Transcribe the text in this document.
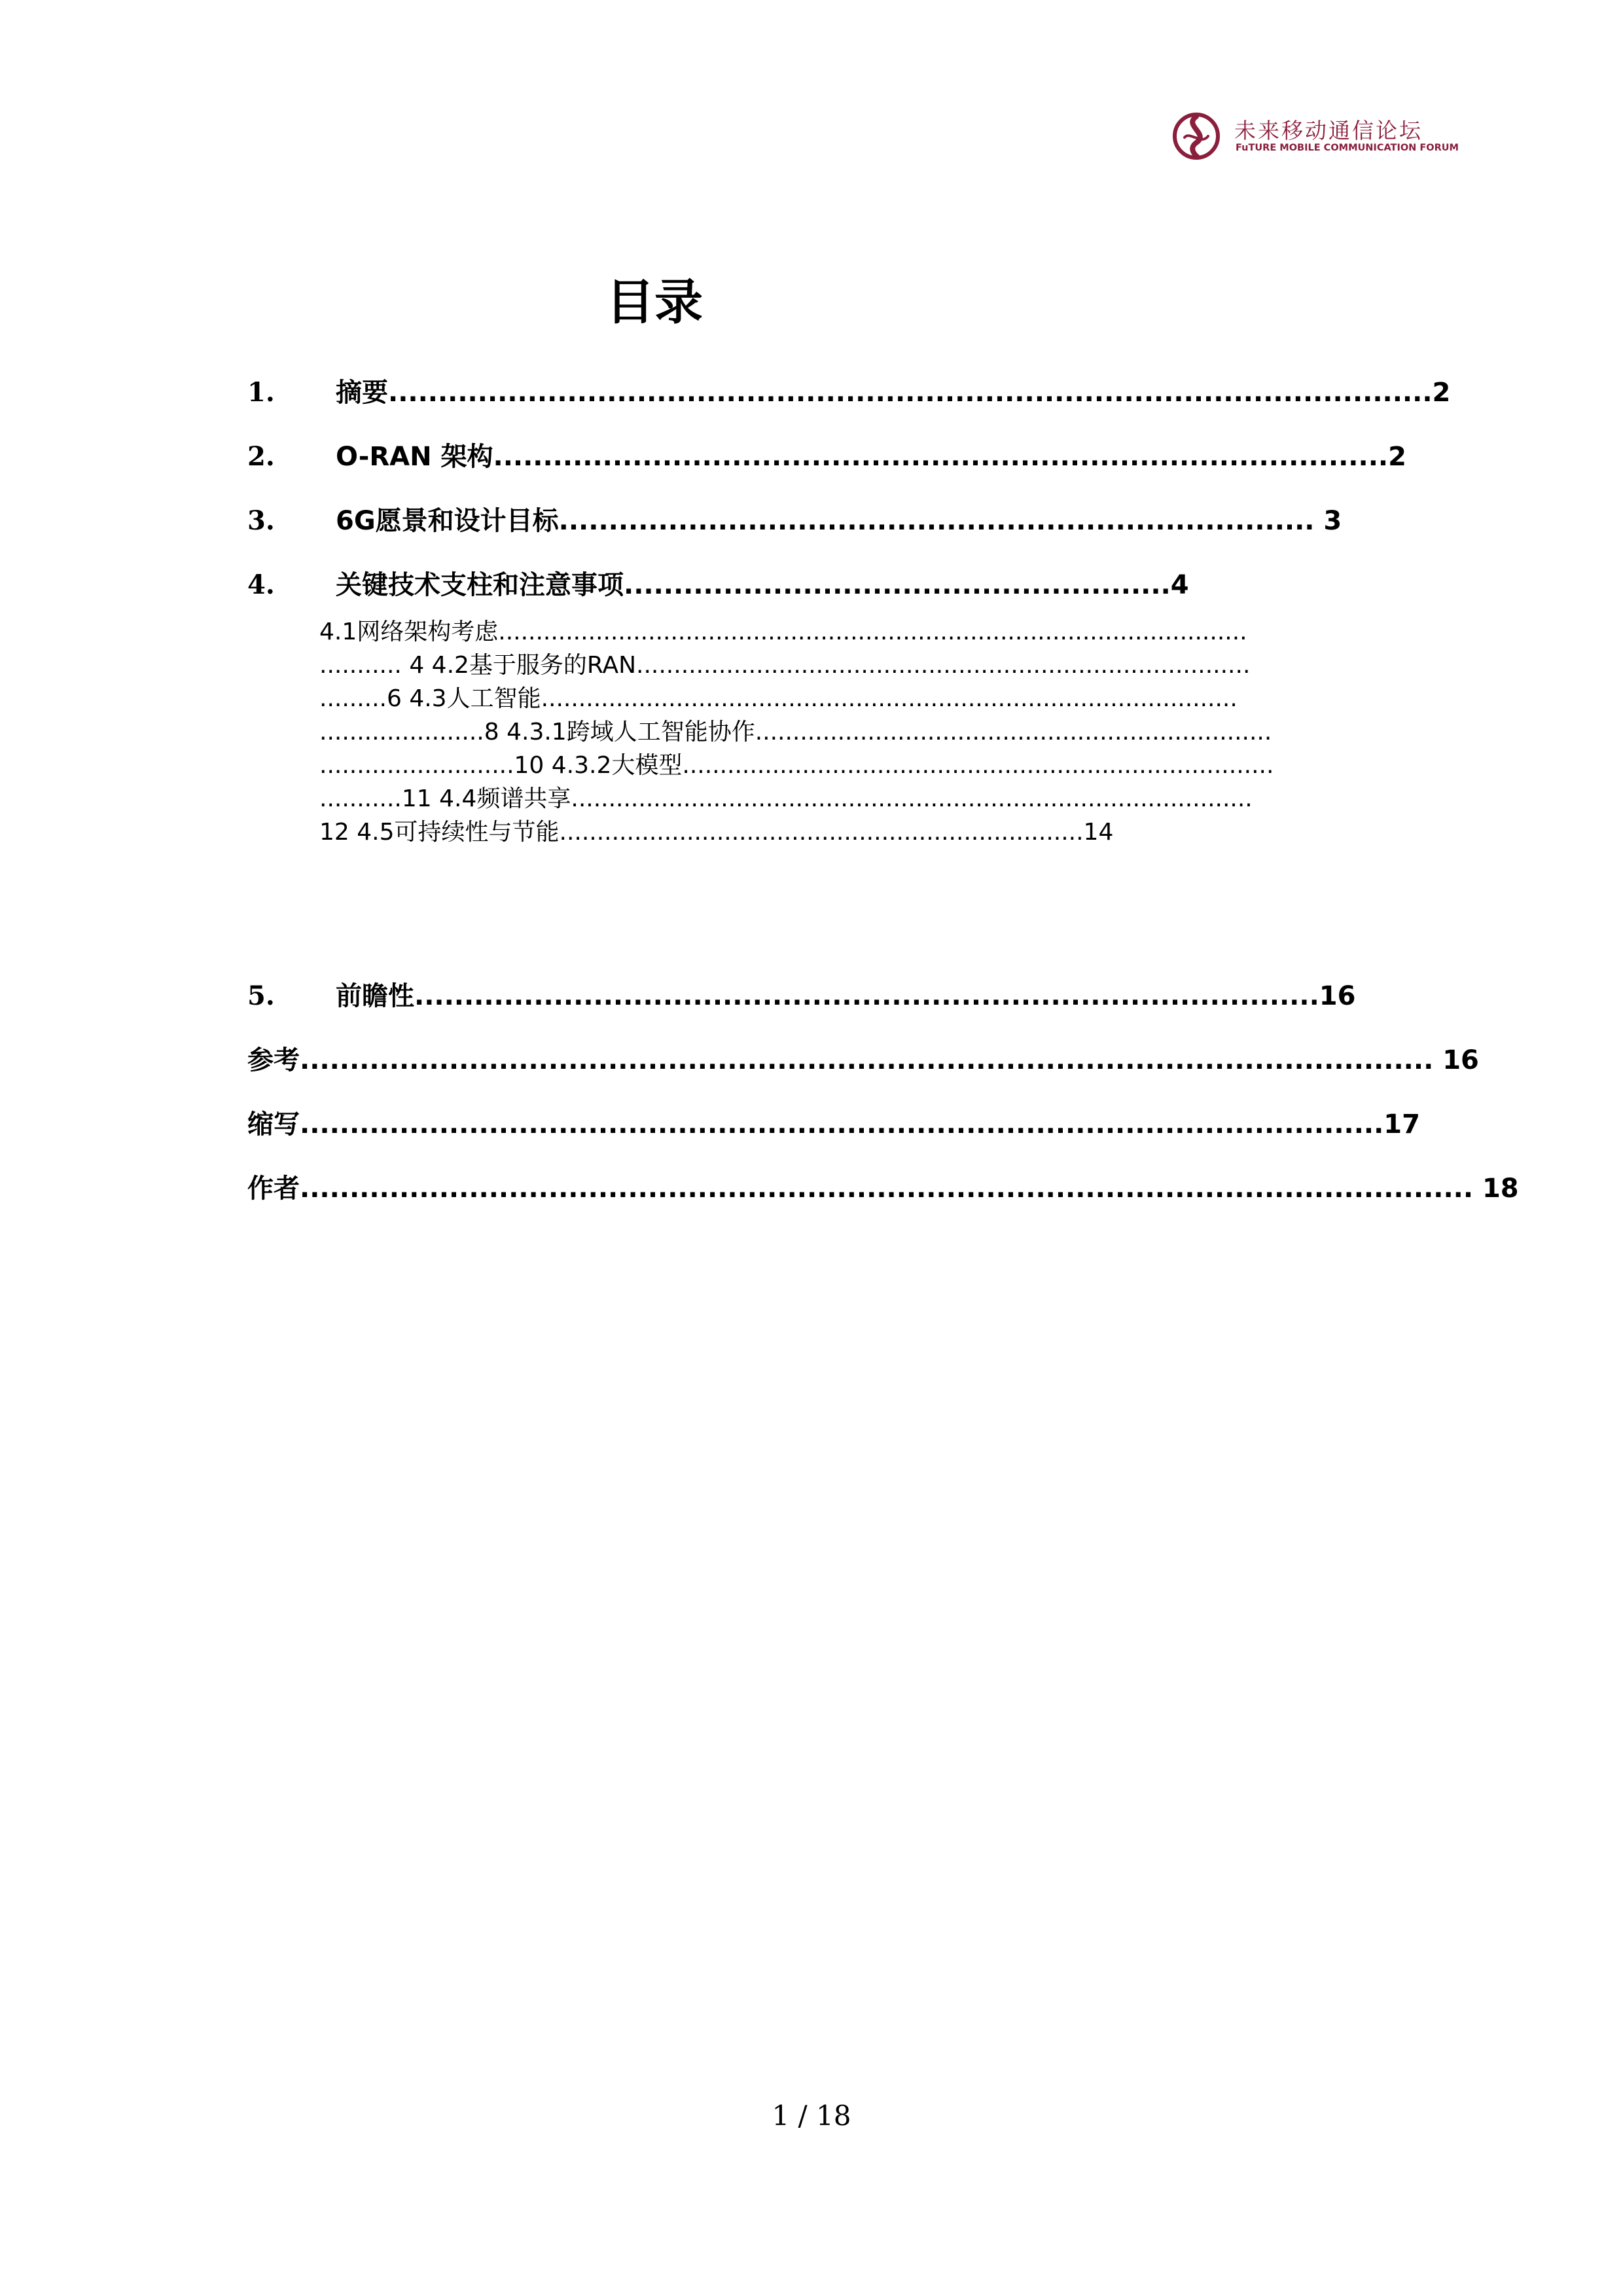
未来移动通信论坛
FuTURE MOBILE COMMUNICATION FORUM
目录
1. 摘要.........................................................................................................2
2. O-RAN 架构..........................................................................................2
3. 6G愿景和设计目标............................................................................ 3
4. 关键技术支柱和注意事项.......................................................4
4.1网络架构考虑....................................................................................................
........... 4 4.2基于服务的RAN..................................................................................
.........6 4.3人工智能.............................................................................................
......................8 4.3.1跨域人工智能协作.....................................................................
..........................10 4.3.2大模型...............................................................................
...........11 4.4频谱共享...........................................................................................
12 4.5可持续性与节能......................................................................14
5. 前瞻性...........................................................................................16
参考.................................................................................................................. 16
缩写.............................................................................................................17
作者...................................................................................................................... 18
1 / 18
